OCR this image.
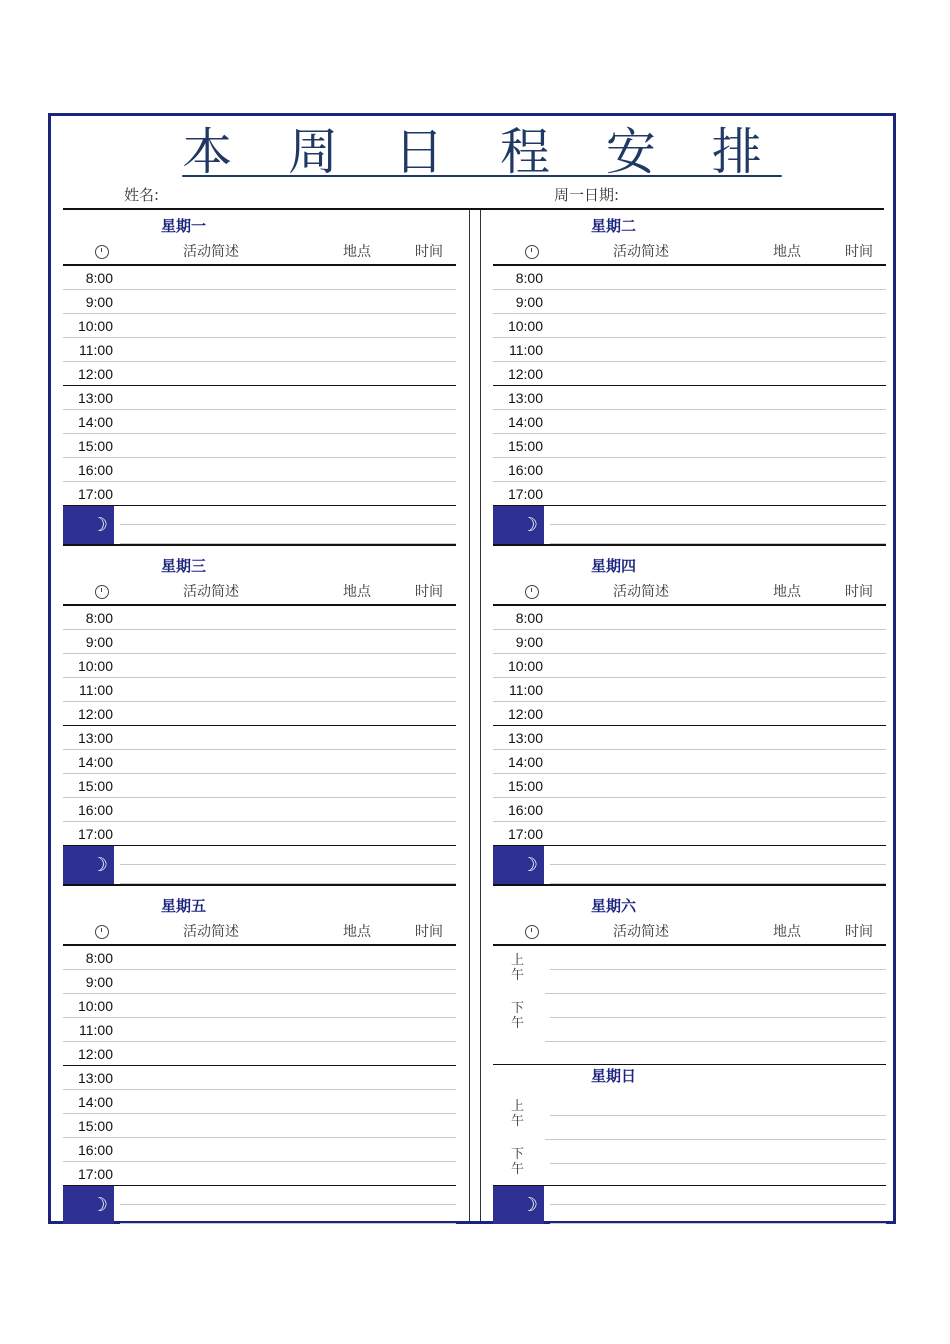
本 周 日 程 安 排
姓名:	周一日期:
星期一
活动简述	地点	时间
8:00
9:00
10:00
11:00
12:00
13:00
14:00
15:00
16:00
17:00
☽
星期二
活动简述	地点	时间
8:00
9:00
10:00
11:00
12:00
13:00
14:00
15:00
16:00
17:00
☽
星期三
活动简述	地点	时间
8:00
9:00
10:00
11:00
12:00
13:00
14:00
15:00
16:00
17:00
☽
星期四
活动简述	地点	时间
8:00
9:00
10:00
11:00
12:00
13:00
14:00
15:00
16:00
17:00
☽
星期五
活动简述	地点	时间
8:00
9:00
10:00
11:00
12:00
13:00
14:00
15:00
16:00
17:00
☽
星期六
活动简述	地点	时间
上午
下午
星期日
上午
下午
☽
